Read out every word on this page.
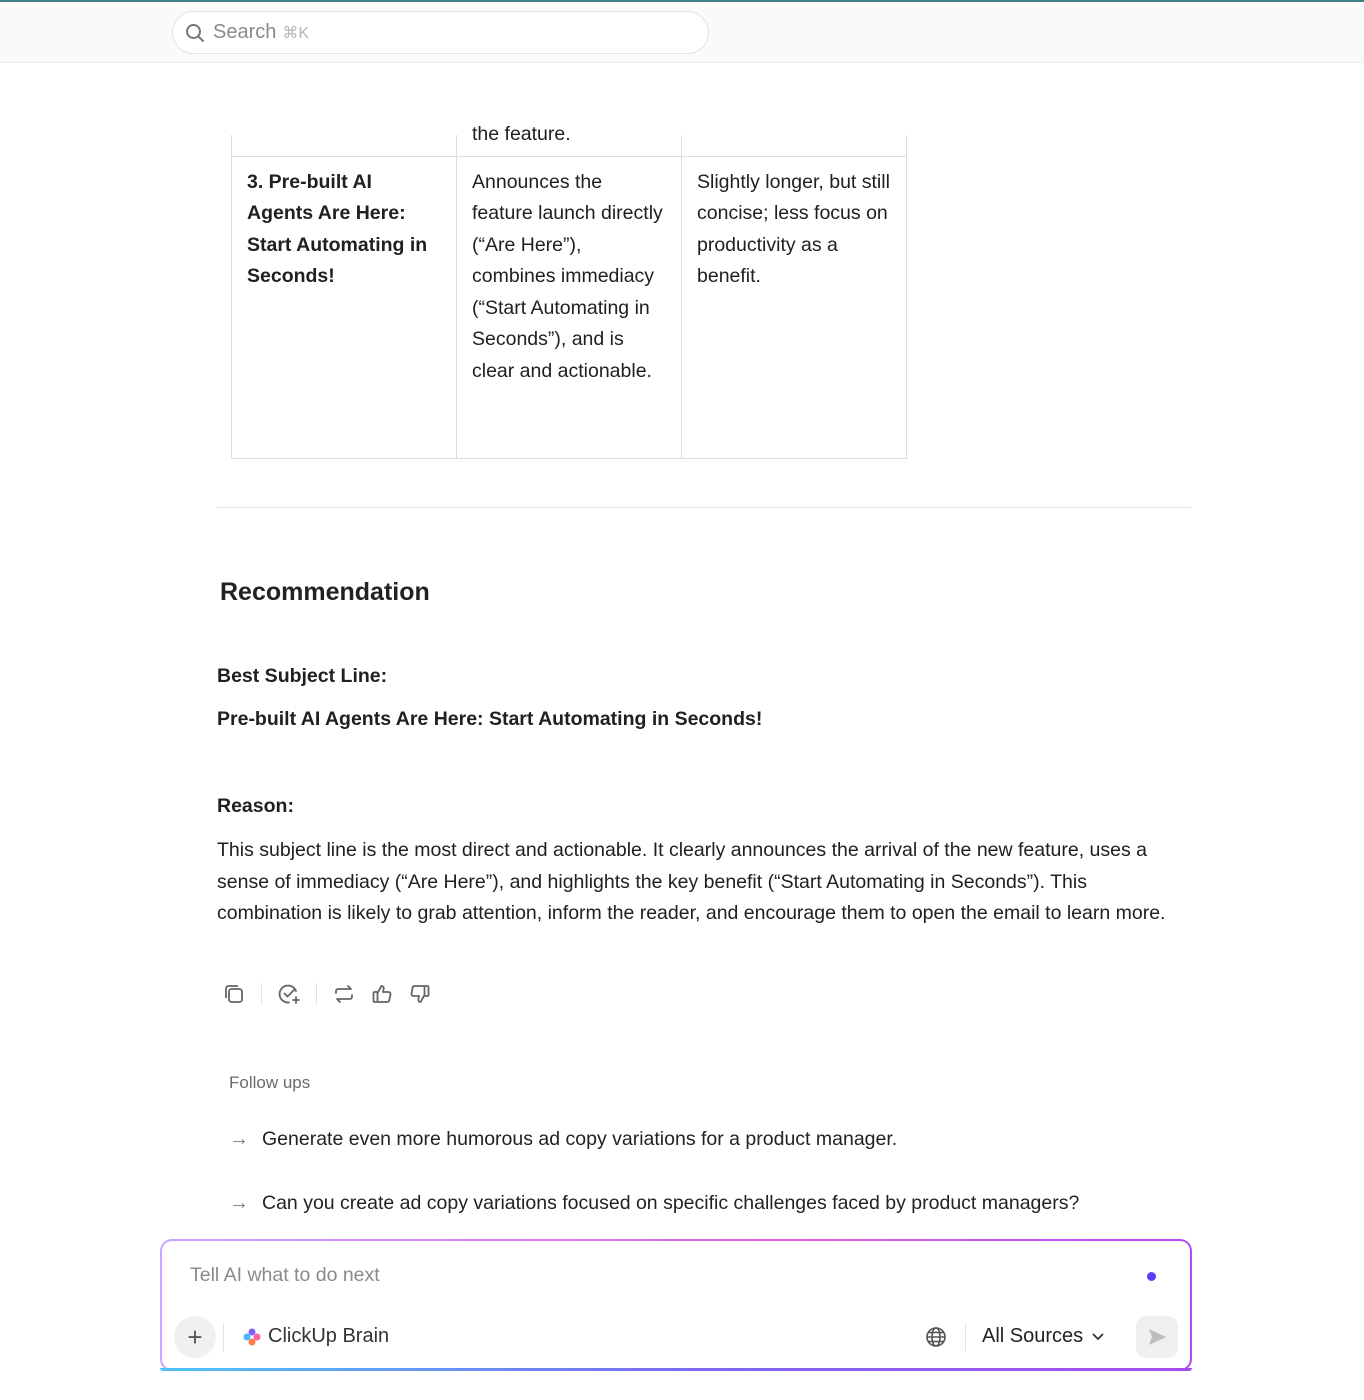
Search ⌘K

	the feature.	

3. Pre-built AI Agents Are Here: Start Automating in Seconds!	Announces the feature launch directly (“Are Here”), combines immediacy (“Start Automating in Seconds”), and is clear and actionable.	Slightly longer, but still concise; less focus on productivity as a benefit.
Recommendation
Best Subject Line:
Pre-built AI Agents Are Here: Start Automating in Seconds!
Reason:
This subject line is the most direct and actionable. It clearly announces the arrival of the new feature, uses a sense of immediacy (“Are Here”), and highlights the key benefit (“Start Automating in Seconds”). This combination is likely to grab attention, inform the reader, and encourage them to open the email to learn more.
Follow ups
→ Generate even more humorous ad copy variations for a product manager.
→ Can you create ad copy variations focused on specific challenges faced by product managers?
Tell AI what to do next
+	ClickUp Brain	All Sources
